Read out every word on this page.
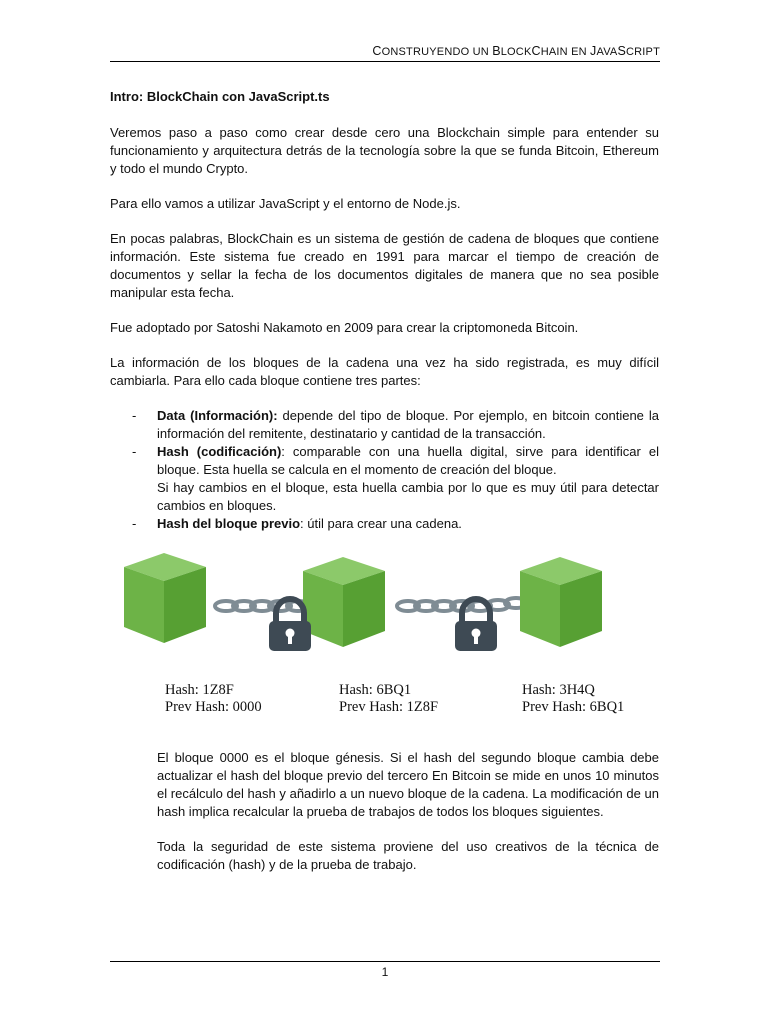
CONSTRUYENDO UN BLOCKCHAIN EN JAVASCRIPT

Intro: BlockChain con JavaScript.ts

Veremos paso a paso como crear desde cero una Blockchain simple para entender su funcionamiento y arquitectura detrás de la tecnología sobre la que se funda Bitcoin, Ethereum y todo el mundo Crypto.

Para ello vamos a utilizar JavaScript y el entorno de Node.js.

En pocas palabras, BlockChain es un sistema de gestión de cadena de bloques que contiene información. Este sistema fue creado en 1991 para marcar el tiempo de creación de documentos y sellar la fecha de los documentos digitales de manera que no sea posible manipular esta fecha.

Fue adoptado por Satoshi Nakamoto en 2009 para crear la criptomoneda Bitcoin.

La información de los bloques de la cadena una vez ha sido registrada, es muy difícil cambiarla. Para ello cada bloque contiene tres partes:

- Data (Información): depende del tipo de bloque. Por ejemplo, en bitcoin contiene la información del remitente, destinatario y cantidad de la transacción.
- Hash (codificación): comparable con una huella digital, sirve para identificar el bloque. Esta huella se calcula en el momento de creación del bloque.
Si hay cambios en el bloque, esta huella cambia por lo que es muy útil para detectar cambios en bloques.
- Hash del bloque previo: útil para crear una cadena.
Hash: 1Z8F
Prev Hash: 0000
Hash: 6BQ1
Prev Hash: 1Z8F
Hash: 3H4Q
Prev Hash: 6BQ1

El bloque 0000 es el bloque génesis. Si el hash del segundo bloque cambia debe actualizar el hash del bloque previo del tercero En Bitcoin se mide en unos 10 minutos el recálculo del hash y añadirlo a un nuevo bloque de la cadena. La modificación de un hash implica recalcular la prueba de trabajos de todos los bloques siguientes.

Toda la seguridad de este sistema proviene del uso creativos de la técnica de codificación (hash) y de la prueba de trabajo.

1
